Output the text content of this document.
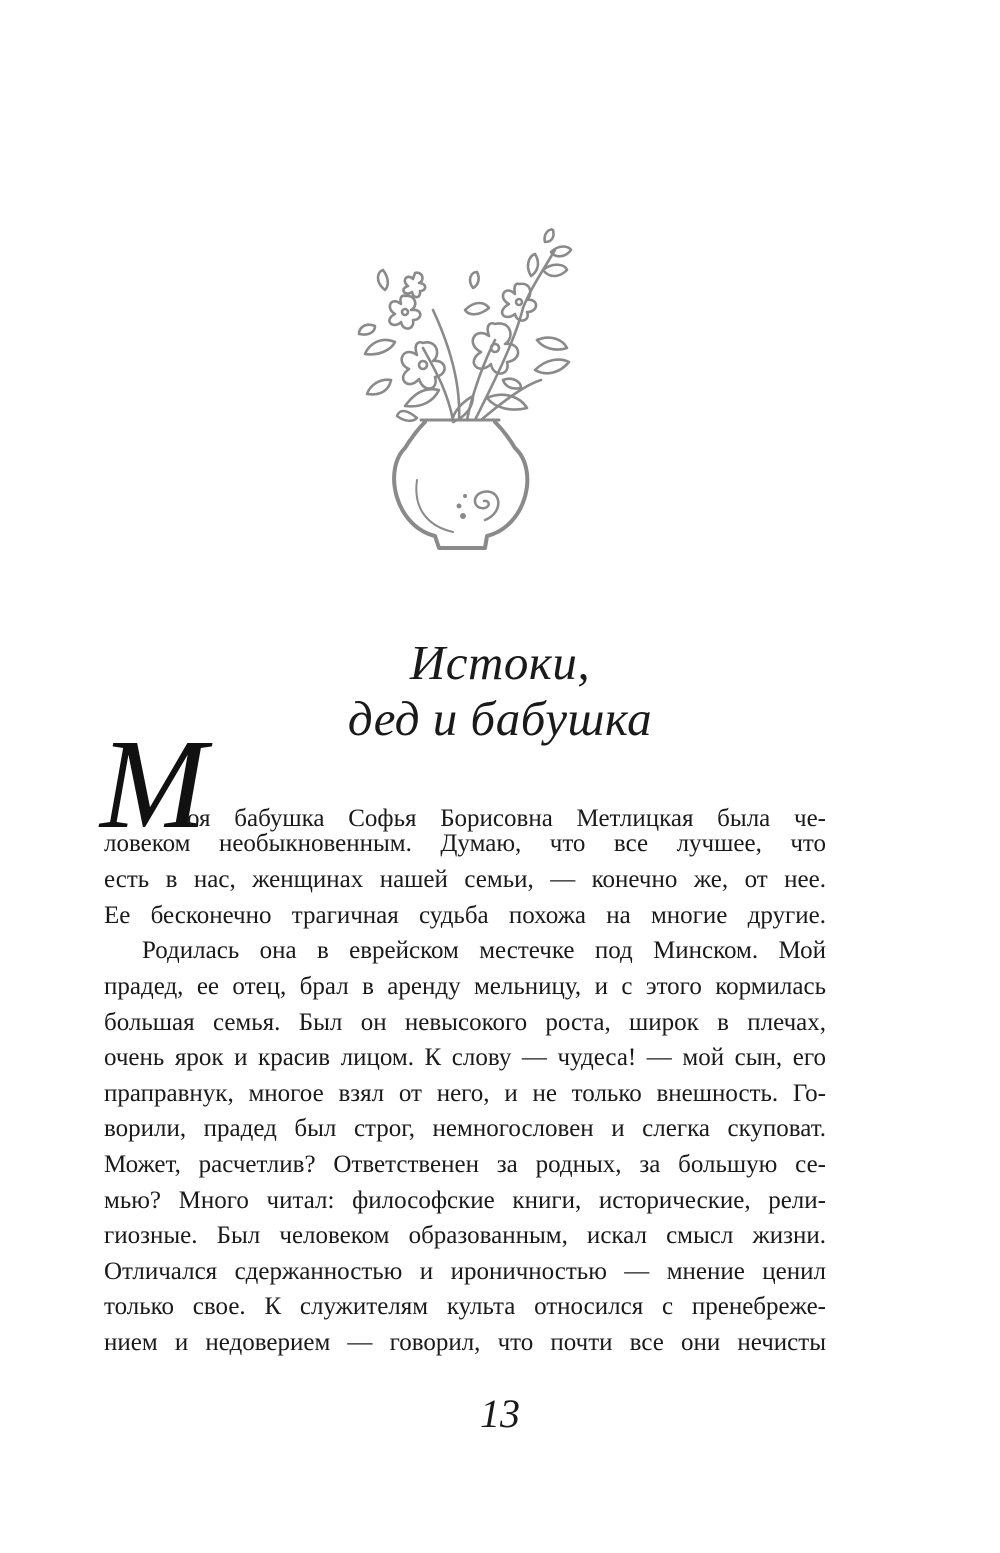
Истоки,
дед и бабушка
М
оя бабушка Софья Борисовна Метлицкая была че-
ловеком необыкновенным. Думаю, что все лучшее, что
есть в нас, женщинах нашей семьи, — конечно же, от нее.
Ее бесконечно трагичная судьба похожа на многие другие.
Родилась она в еврейском местечке под Минском. Мой
прадед, ее отец, брал в аренду мельницу, и с этого кормилась
большая семья. Был он невысокого роста, широк в плечах,
очень ярок и красив лицом. К слову — чудеса! — мой сын, его
праправнук, многое взял от него, и не только внешность. Го-
ворили, прадед был строг, немногословен и слегка скуповат.
Может, расчетлив? Ответственен за родных, за большую се-
мью? Много читал: философские книги, исторические, рели-
гиозные. Был человеком образованным, искал смысл жизни.
Отличался сдержанностью и ироничностью — мнение ценил
только свое. К служителям культа относился с пренебреже-
нием и недоверием — говорил, что почти все они нечисты
13
